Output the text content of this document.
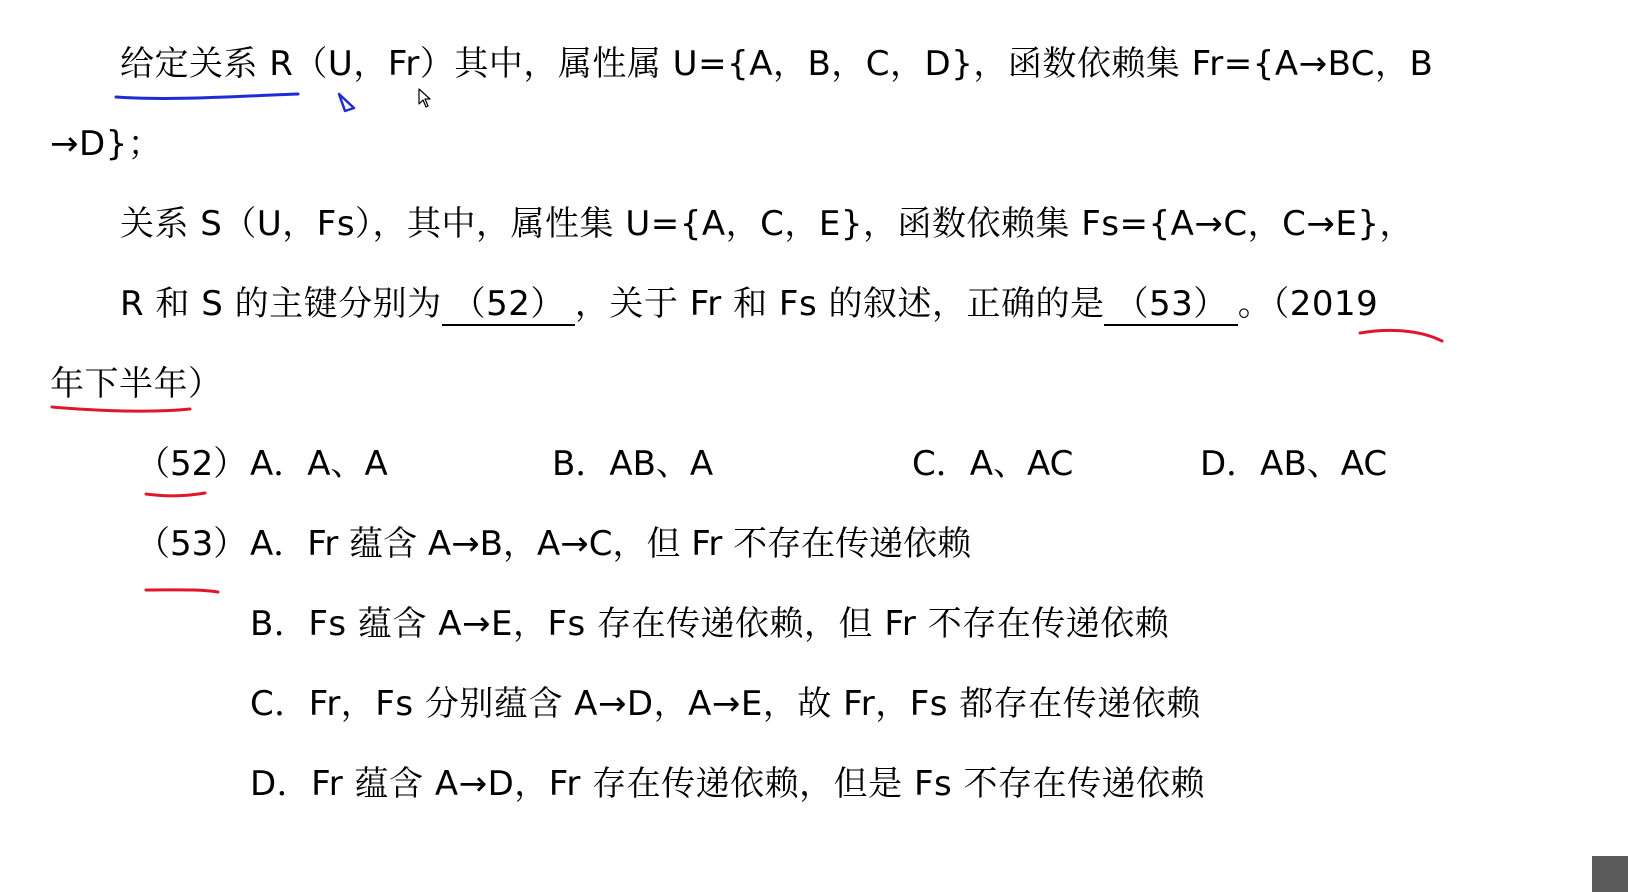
给定关系 R（U，Fr）其中，属性属 U={A，B，C，D}，函数依赖集 Fr={A→BC，B
→D}；
关系 S（U，Fs），其中，属性集 U={A，C，E}，函数依赖集 Fs={A→C，C→E}，
R 和 S 的主键分别为 （52） ，关于 Fr 和 Fs 的叙述，正确的是 （53） 。（2019
年下半年）
（52） A．A、A	B．AB、A	C．A、AC	D．AB、AC
（53） A．Fr 蕴含 A→B，A→C，但 Fr 不存在传递依赖
B．Fs 蕴含 A→E，Fs 存在传递依赖，但 Fr 不存在传递依赖
C．Fr，Fs 分别蕴含 A→D，A→E，故 Fr，Fs 都存在传递依赖
D．Fr 蕴含 A→D，Fr 存在传递依赖，但是 Fs 不存在传递依赖
